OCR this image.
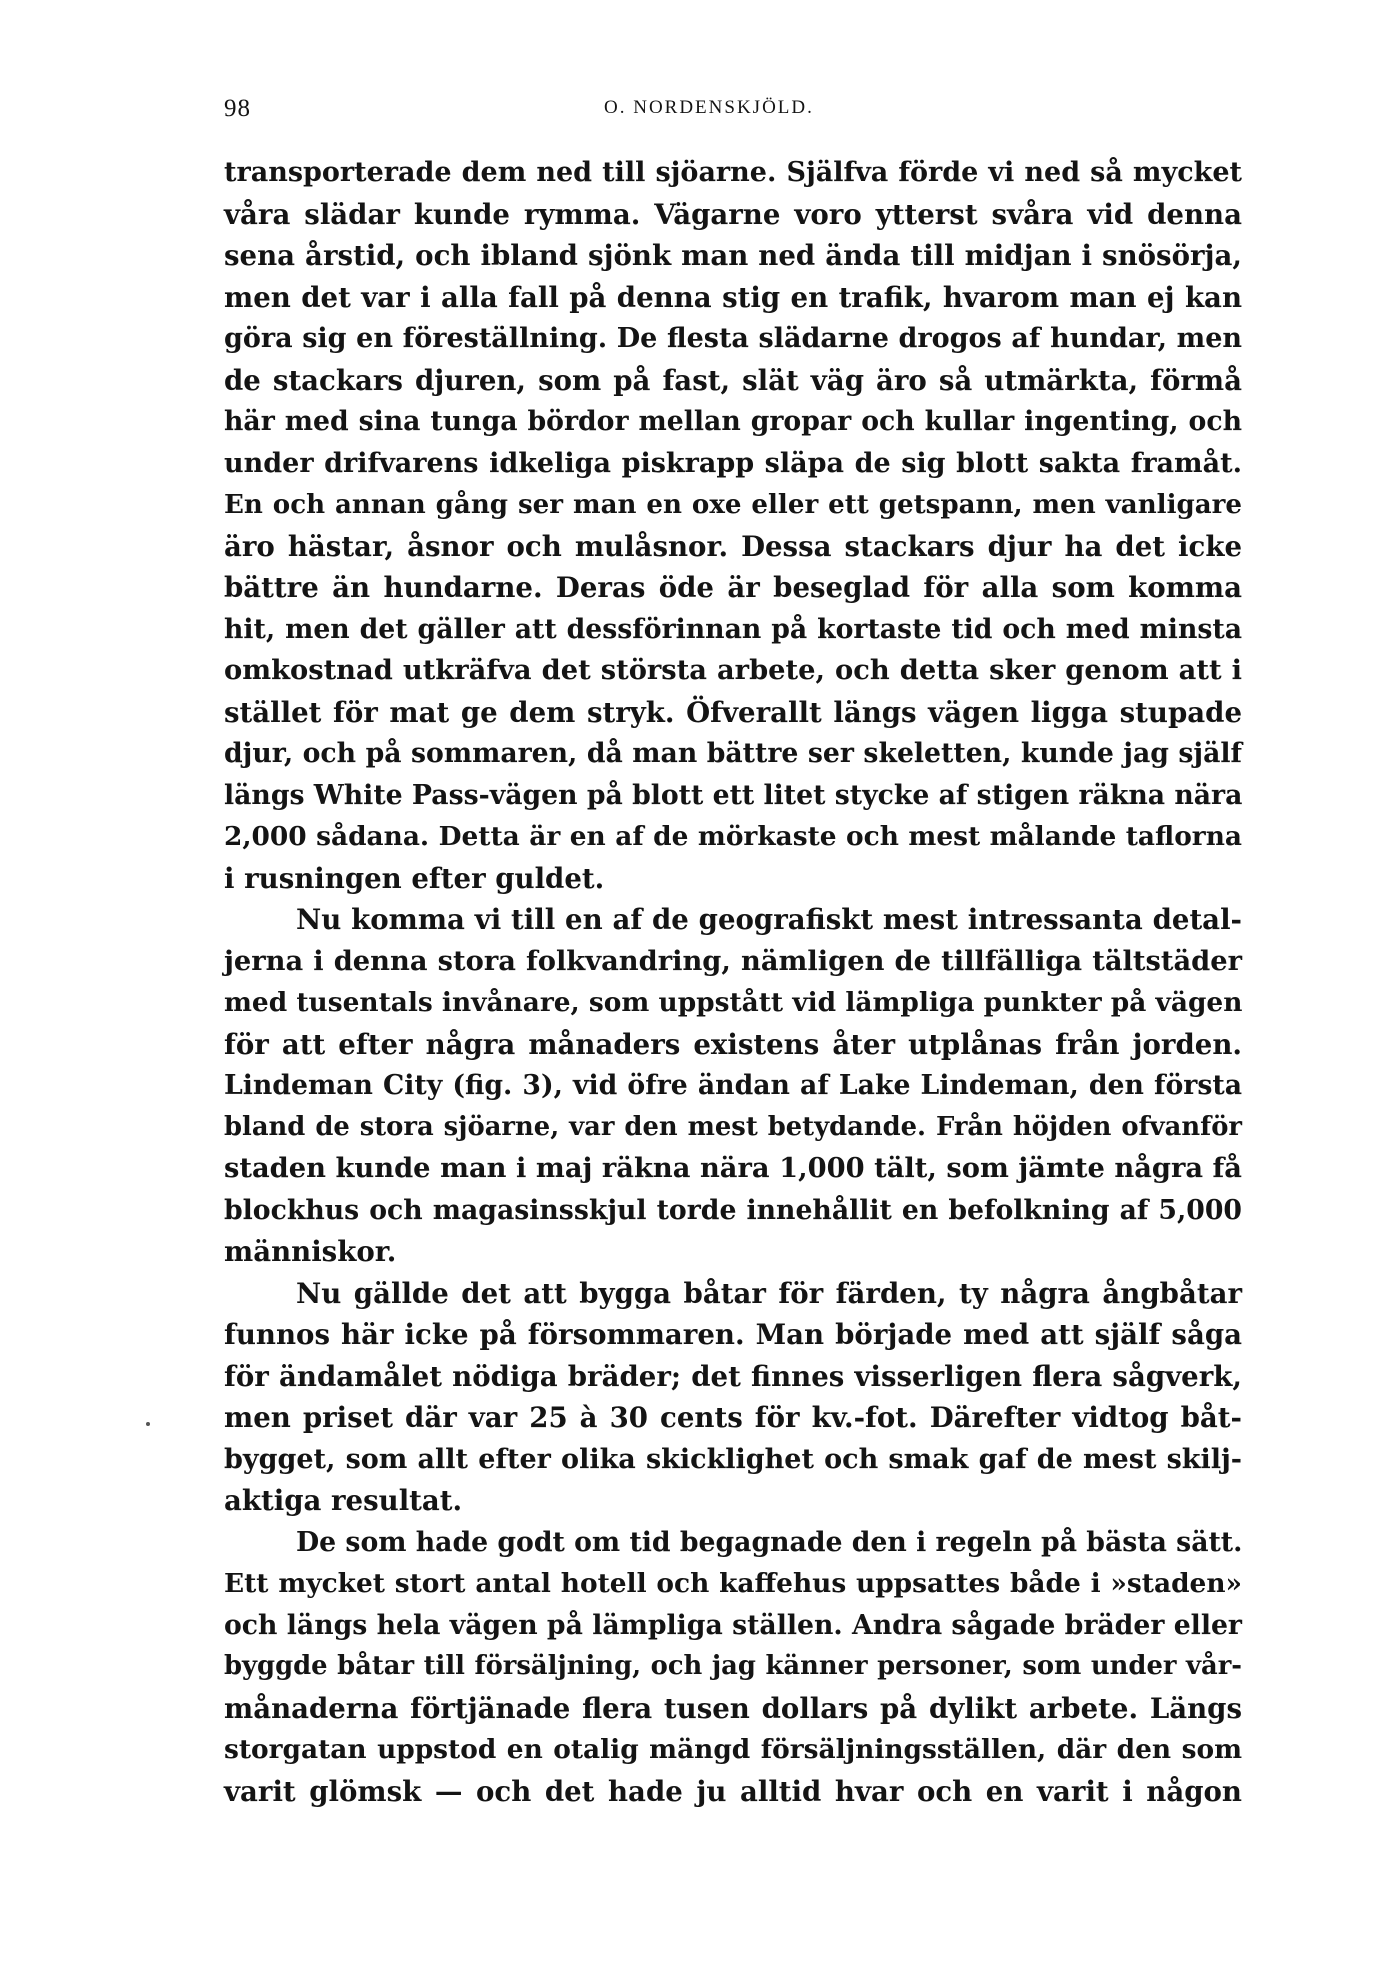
98	O. NORDENSKJÖLD.
transporterade dem ned till sjöarne. Själfva förde vi ned så mycket
våra slädar kunde rymma. Vägarne voro ytterst svåra vid denna
sena årstid, och ibland sjönk man ned ända till midjan i snösörja,
men det var i alla fall på denna stig en trafik, hvarom man ej kan
göra sig en föreställning. De flesta slädarne drogos af hundar, men
de stackars djuren, som på fast, slät väg äro så utmärkta, förmå
här med sina tunga bördor mellan gropar och kullar ingenting, och
under drifvarens idkeliga piskrapp släpa de sig blott sakta framåt.
En och annan gång ser man en oxe eller ett getspann, men vanligare
äro hästar, åsnor och mulåsnor. Dessa stackars djur ha det icke
bättre än hundarne. Deras öde är beseglad för alla som komma
hit, men det gäller att dessförinnan på kortaste tid och med minsta
omkostnad utkräfva det största arbete, och detta sker genom att i
stället för mat ge dem stryk. Öfverallt längs vägen ligga stupade
djur, och på sommaren, då man bättre ser skeletten, kunde jag själf
längs White Pass-vägen på blott ett litet stycke af stigen räkna nära
2,000 sådana. Detta är en af de mörkaste och mest målande taflorna
i rusningen efter guldet.
Nu komma vi till en af de geografiskt mest intressanta detal-
jerna i denna stora folkvandring, nämligen de tillfälliga tältstäder
med tusentals invånare, som uppstått vid lämpliga punkter på vägen
för att efter några månaders existens åter utplånas från jorden.
Lindeman City (fig. 3), vid öfre ändan af Lake Lindeman, den första
bland de stora sjöarne, var den mest betydande. Från höjden ofvanför
staden kunde man i maj räkna nära 1,000 tält, som jämte några få
blockhus och magasinsskjul torde innehållit en befolkning af 5,000
människor.
Nu gällde det att bygga båtar för färden, ty några ångbåtar
funnos här icke på försommaren. Man började med att själf såga
för ändamålet nödiga bräder; det finnes visserligen flera sågverk,
men priset där var 25 à 30 cents för kv.-fot. Därefter vidtog båt-
bygget, som allt efter olika skicklighet och smak gaf de mest skilj-
aktiga resultat.
De som hade godt om tid begagnade den i regeln på bästa sätt.
Ett mycket stort antal hotell och kaffehus uppsattes både i »staden»
och längs hela vägen på lämpliga ställen. Andra sågade bräder eller
byggde båtar till försäljning, och jag känner personer, som under vår-
månaderna förtjänade flera tusen dollars på dylikt arbete. Längs
storgatan uppstod en otalig mängd försäljningsställen, där den som
varit glömsk — och det hade ju alltid hvar och en varit i någon
